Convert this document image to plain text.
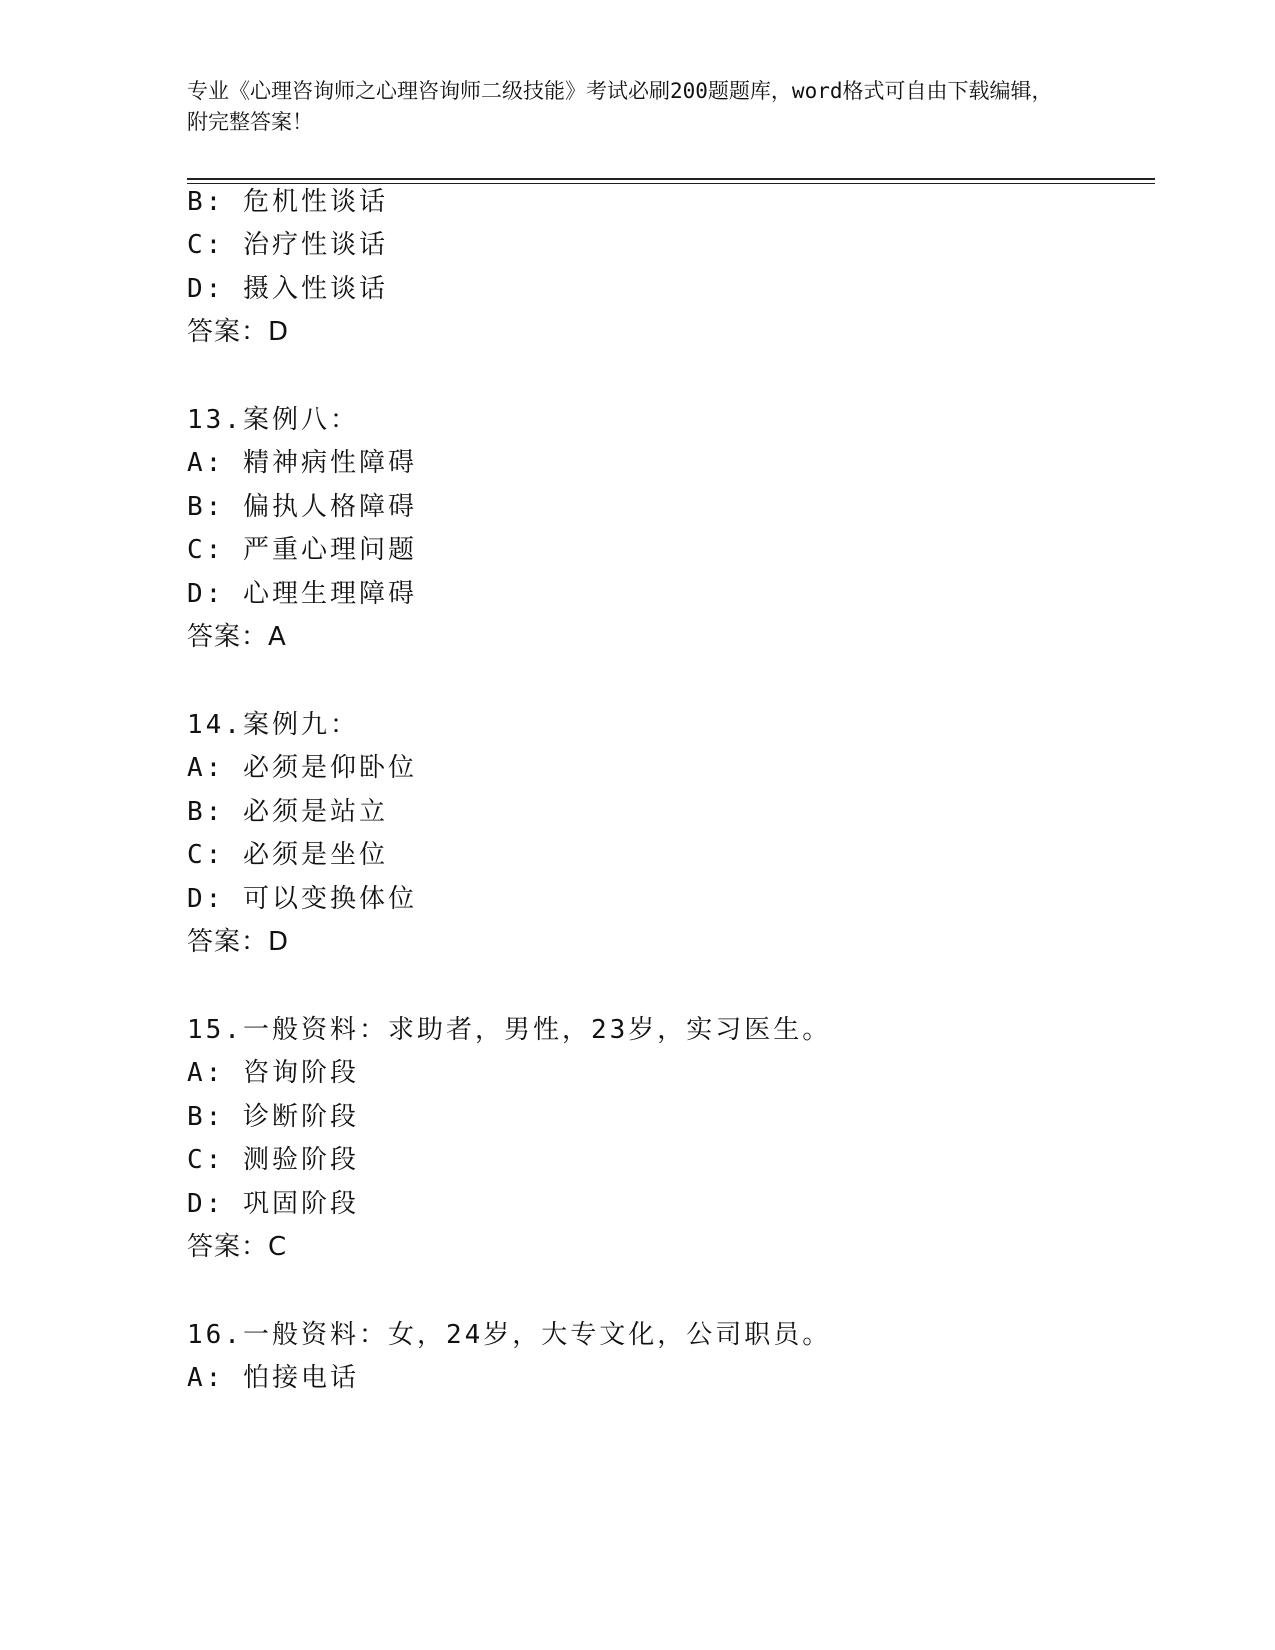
专业《心理咨询师之心理咨询师二级技能》考试必刷200题题库，word格式可自由下载编辑，附完整答案！
B: 危机性谈话
C: 治疗性谈话
D: 摄入性谈话
答案：D
13.案例八：
A: 精神病性障碍
B: 偏执人格障碍
C: 严重心理问题
D: 心理生理障碍
答案：A
14.案例九：
A: 必须是仰卧位
B: 必须是站立
C: 必须是坐位
D: 可以变换体位
答案：D
15.一般资料：求助者，男性，23岁，实习医生。
A: 咨询阶段
B: 诊断阶段
C: 测验阶段
D: 巩固阶段
答案：C
16.一般资料：女，24岁，大专文化，公司职员。
A: 怕接电话
